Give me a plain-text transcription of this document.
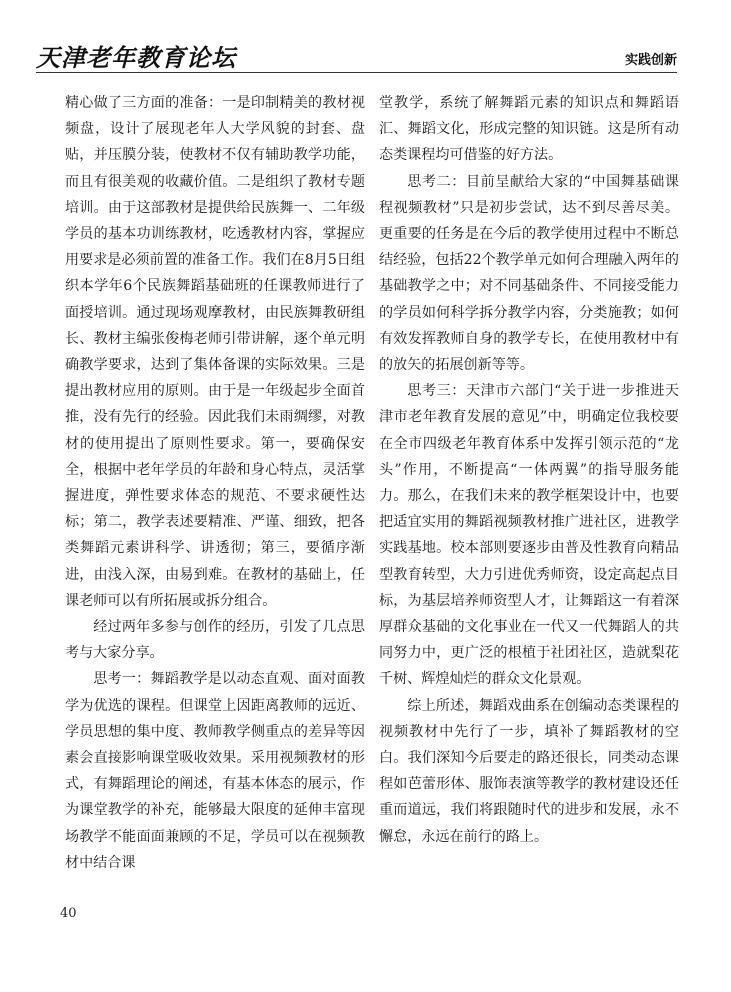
天津老年教育论坛	实践创新

精心做了三方面的准备：一是印制精美的教材视频盘，设计了展现老年人大学风貌的封套、盘贴，并压膜分装，使教材不仅有辅助教学功能，而且有很美观的收藏价值。二是组织了教材专题培训。由于这部教材是提供给民族舞一、二年级学员的基本功训练教材，吃透教材内容，掌握应用要求是必须前置的准备工作。我们在8月5日组织本学年6个民族舞蹈基础班的任课教师进行了面授培训。通过现场观摩教材，由民族舞教研组长、教材主编张俊梅老师引带讲解，逐个单元明确教学要求，达到了集体备课的实际效果。三是提出教材应用的原则。由于是一年级起步全面首推，没有先行的经验。因此我们未雨绸缪，对教材的使用提出了原则性要求。第一，要确保安全，根据中老年学员的年龄和身心特点，灵活掌握进度，弹性要求体态的规范、不要求硬性达标；第二，教学表述要精准、严谨、细致，把各类舞蹈元素讲科学、讲透彻；第三，要循序渐进，由浅入深，由易到难。在教材的基础上，任课老师可以有所拓展或拆分组合。

经过两年多参与创作的经历，引发了几点思考与大家分享。

思考一：舞蹈教学是以动态直观、面对面教学为优选的课程。但课堂上因距离教师的远近、学员思想的集中度、教师教学侧重点的差异等因素会直接影响课堂吸收效果。采用视频教材的形式，有舞蹈理论的阐述，有基本体态的展示，作为课堂教学的补充，能够最大限度的延伸丰富现场教学不能面面兼顾的不足，学员可以在视频教材中结合课

堂教学，系统了解舞蹈元素的知识点和舞蹈语汇、舞蹈文化，形成完整的知识链。这是所有动态类课程均可借鉴的好方法。

思考二：目前呈献给大家的“中国舞基础课程视频教材”只是初步尝试，达不到尽善尽美。更重要的任务是在今后的教学使用过程中不断总结经验，包括22个教学单元如何合理融入两年的基础教学之中；对不同基础条件、不同接受能力的学员如何科学拆分教学内容，分类施教；如何有效发挥教师自身的教学专长，在使用教材中有的放矢的拓展创新等等。

思考三：天津市六部门“关于进一步推进天津市老年教育发展的意见”中，明确定位我校要在全市四级老年教育体系中发挥引领示范的“龙头”作用，不断提高“一体两翼”的指导服务能力。那么，在我们未来的教学框架设计中，也要把适宜实用的舞蹈视频教材推广进社区，进教学实践基地。校本部则要逐步由普及性教育向精品型教育转型，大力引进优秀师资，设定高起点目标，为基层培养师资型人才，让舞蹈这一有着深厚群众基础的文化事业在一代又一代舞蹈人的共同努力中，更广泛的根植于社团社区，造就梨花千树、辉煌灿烂的群众文化景观。

综上所述，舞蹈戏曲系在创编动态类课程的视频教材中先行了一步，填补了舞蹈教材的空白。我们深知今后要走的路还很长，同类动态课程如芭蕾形体、服饰表演等教学的教材建设还任重而道远，我们将跟随时代的进步和发展，永不懈怠，永远在前行的路上。

40
